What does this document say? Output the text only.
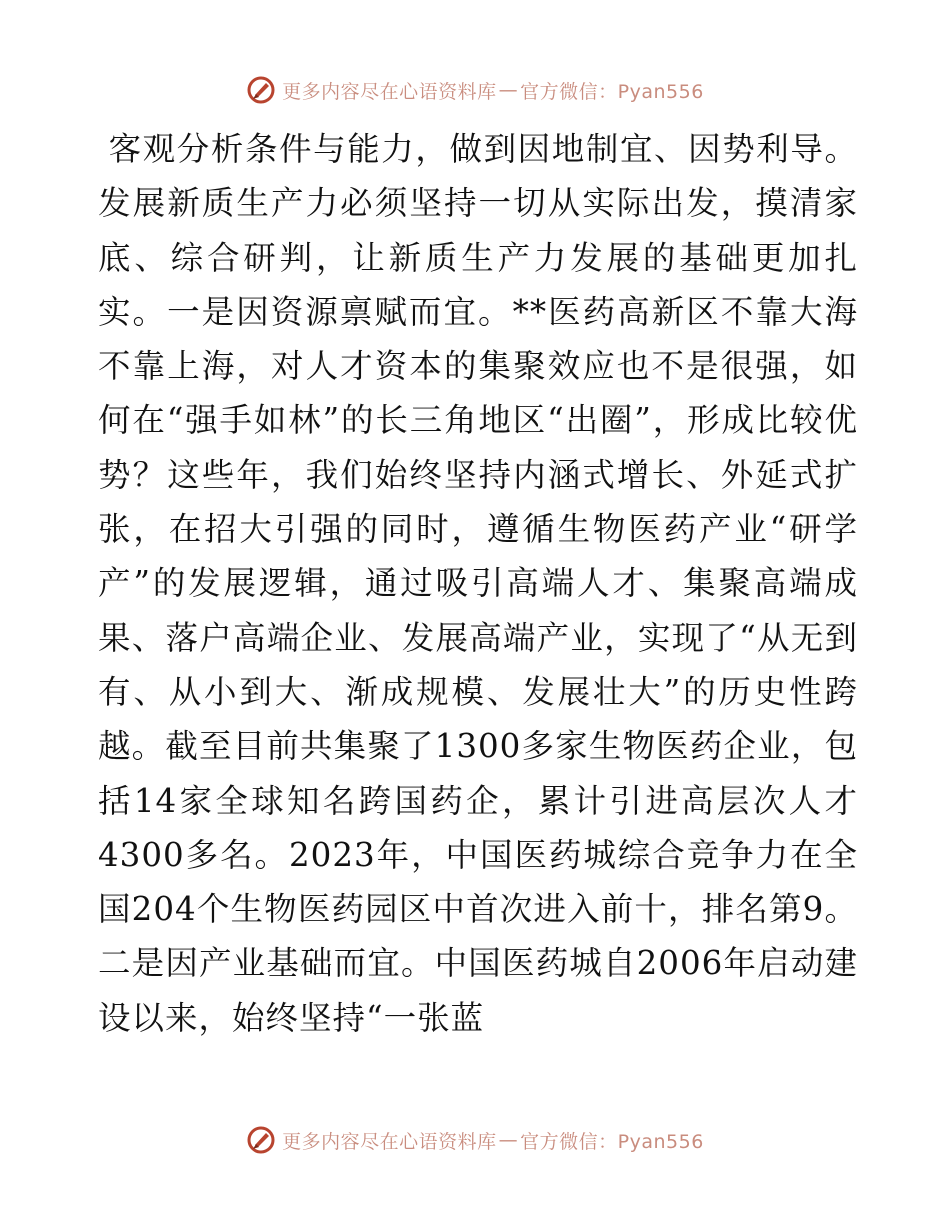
更多内容尽在心语资料库 — 官方微信：Pyan556

客观分析条件与能力，做到因地制宜、因势利导。发展新质生产力必须坚持一切从实际出发，摸清家底、综合研判，让新质生产力发展的基础更加扎实。一是因资源禀赋而宜。**医药高新区不靠大海不靠上海，对人才资本的集聚效应也不是很强，如何在“强手如林”的长三角地区“出圈”，形成比较优势？这些年，我们始终坚持内涵式增长、外延式扩张，在招大引强的同时，遵循生物医药产业“研学产”的发展逻辑，通过吸引高端人才、集聚高端成果、落户高端企业、发展高端产业，实现了“从无到有、从小到大、渐成规模、发展壮大”的历史性跨越。截至目前共集聚了1300多家生物医药企业，包括14家全球知名跨国药企，累计引进高层次人才4300多名。2023年，中国医药城综合竞争力在全国204个生物医药园区中首次进入前十，排名第9。二是因产业基础而宜。中国医药城自2006年启动建设以来，始终坚持“一张蓝

更多内容尽在心语资料库 — 官方微信：Pyan556
